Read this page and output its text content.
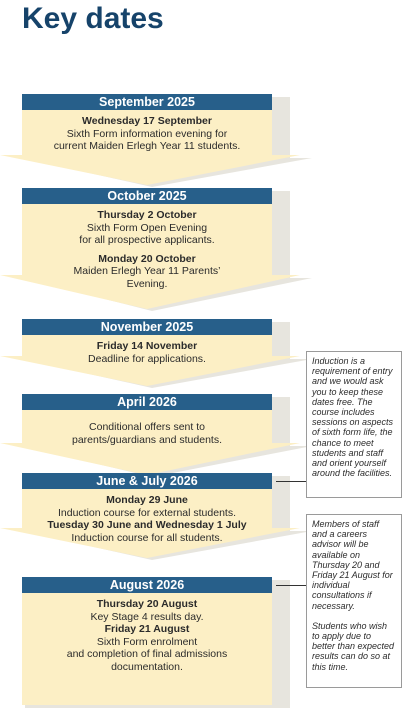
Key dates
September 2025
Wednesday 17 September
Sixth Form information evening for
current Maiden Erlegh Year 11 students.
October 2025
Thursday 2 October
Sixth Form Open Evening
for all prospective applicants.
Monday 20 October
Maiden Erlegh Year 11 Parents’
Evening.
November 2025
Friday 14 November
Deadline for applications.
April 2026
Conditional offers sent to
parents/guardians and students.
June & July 2026
Monday 29 June
Induction course for external students.
Tuesday 30 June and Wednesday 1 July
Induction course for all students.
August 2026
Thursday 20 August
Key Stage 4 results day.
Friday 21 August
Sixth Form enrolment
and completion of final admissions
documentation.
Induction is a requirement of entry and we would ask you to keep these dates free. The course includes sessions on aspects of sixth form life, the chance to meet students and staff and orient yourself around the facilities.
Members of staff and a careers advisor will be available on Thursday 20 and Friday 21 August for individual consultations if necessary.
Students who wish to apply due to better than expected results can do so at this time.
